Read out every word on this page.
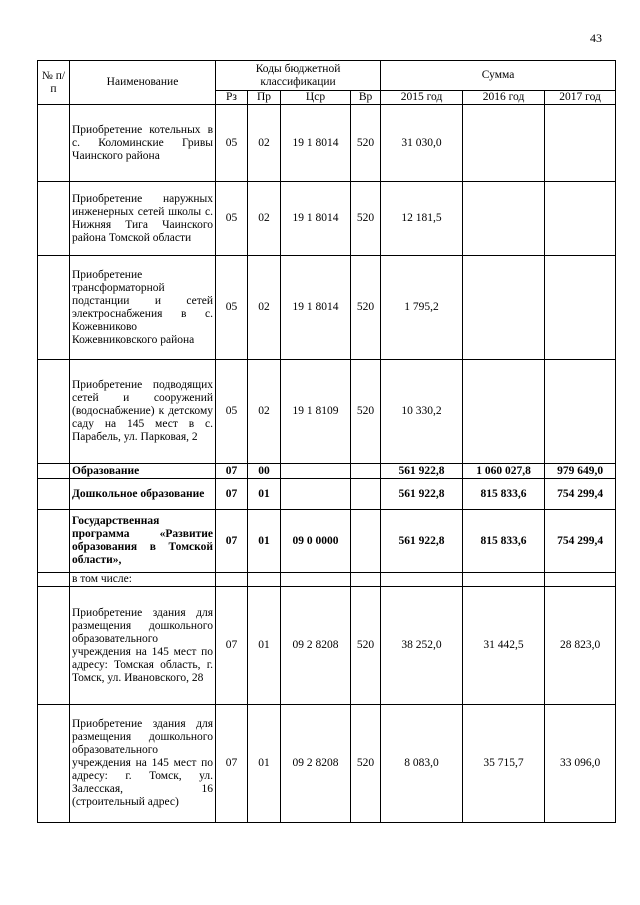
43
№ п/п	Наименование	Коды бюджетной классификации				Сумма		
		Рз	Пр	Цср	Вр	2015 год	2016 год	2017 год
	Приобретение котельных в с. Коломинские Гривы Чаинского района	05	02	19 1 8014	520	31 030,0		
	Приобретение наружных инженерных сетей школы с. Нижняя Тига Чаинского района Томской области	05	02	19 1 8014	520	12 181,5		
	Приобретение трансформаторной подстанции и сетей электроснабжения в с. Кожевниково Кожевниковского района	05	02	19 1 8014	520	1 795,2		
	Приобретение подводящих сетей и сооружений (водоснабжение) к детскому саду на 145 мест в с. Парабель, ул. Парковая, 2	05	02	19 1 8109	520	10 330,2		
	Образование	07	00			561 922,8	1 060 027,8	979 649,0
	Дошкольное образование	07	01			561 922,8	815 833,6	754 299,4
	Государственная программа «Развитие образования в Томской области»,	07	01	09 0 0000		561 922,8	815 833,6	754 299,4
	в том числе:							
	Приобретение здания для размещения дошкольного образовательного учреждения на 145 мест по адресу: Томская область, г. Томск, ул. Ивановского, 28	07	01	09 2 8208	520	38 252,0	31 442,5	28 823,0
	Приобретение здания для размещения дошкольного образовательного учреждения на 145 мест по адресу: г. Томск, ул. Залесская, 16 (строительный адрес)	07	01	09 2 8208	520	8 083,0	35 715,7	33 096,0
